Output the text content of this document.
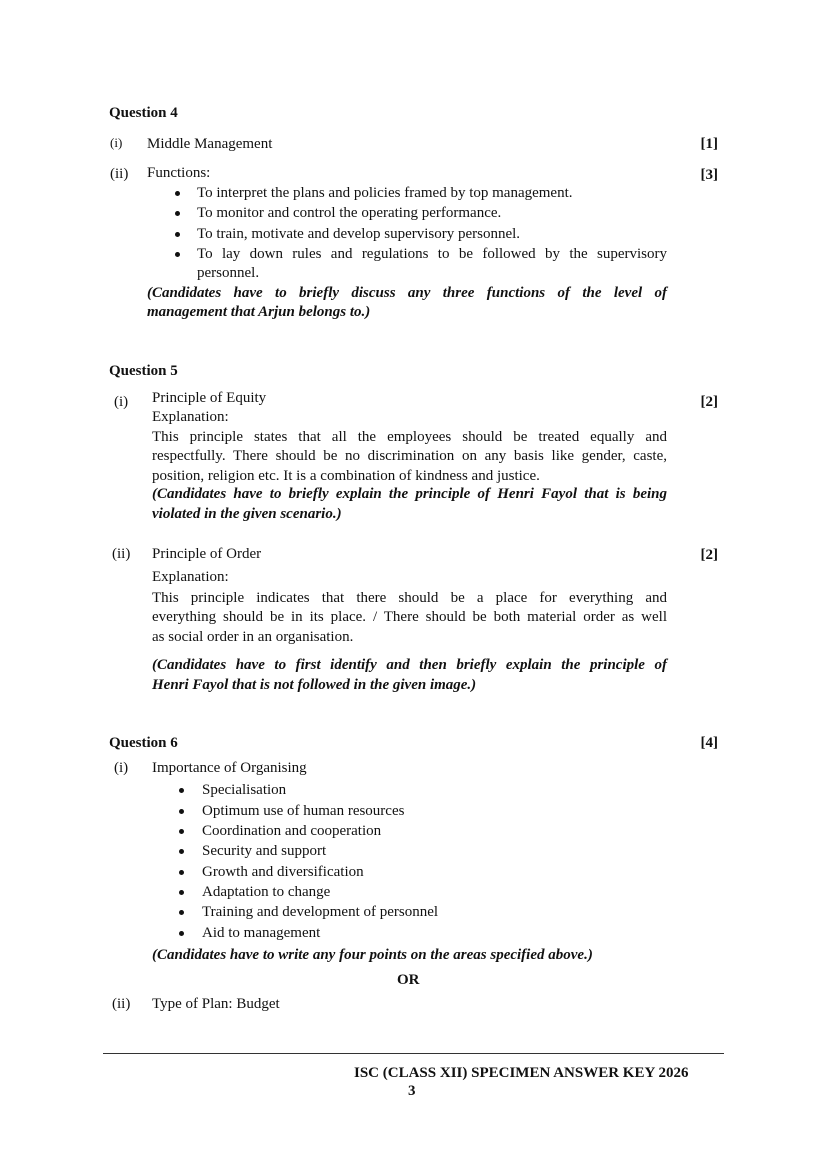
Question 4
(i) Middle Management	[1]
(ii) Functions:	[3]
To interpret the plans and policies framed by top management.
To monitor and control the operating performance.
To train, motivate and develop supervisory personnel.
To lay down rules and regulations to be followed by the supervisory
personnel.
(Candidates have to briefly discuss any three functions of the level of
management that Arjun belongs to.)
Question 5
(i) Principle of Equity	[2]
Explanation:
This principle states that all the employees should be treated equally and
respectfully. There should be no discrimination on any basis like gender, caste,
position, religion etc. It is a combination of kindness and justice.
(Candidates have to briefly explain the principle of Henri Fayol that is being
violated in the given scenario.)
(ii) Principle of Order	[2]
Explanation:
This principle indicates that there should be a place for everything and
everything should be in its place. / There should be both material order as well
as social order in an organisation.
(Candidates have to first identify and then briefly explain the principle of
Henri Fayol that is not followed in the given image.)
Question 6	[4]
(i) Importance of Organising
Specialisation
Optimum use of human resources
Coordination and cooperation
Security and support
Growth and diversification
Adaptation to change
Training and development of personnel
Aid to management
(Candidates have to write any four points on the areas specified above.)
OR
(ii) Type of Plan: Budget
ISC (CLASS XII) SPECIMEN ANSWER KEY 2026
3
